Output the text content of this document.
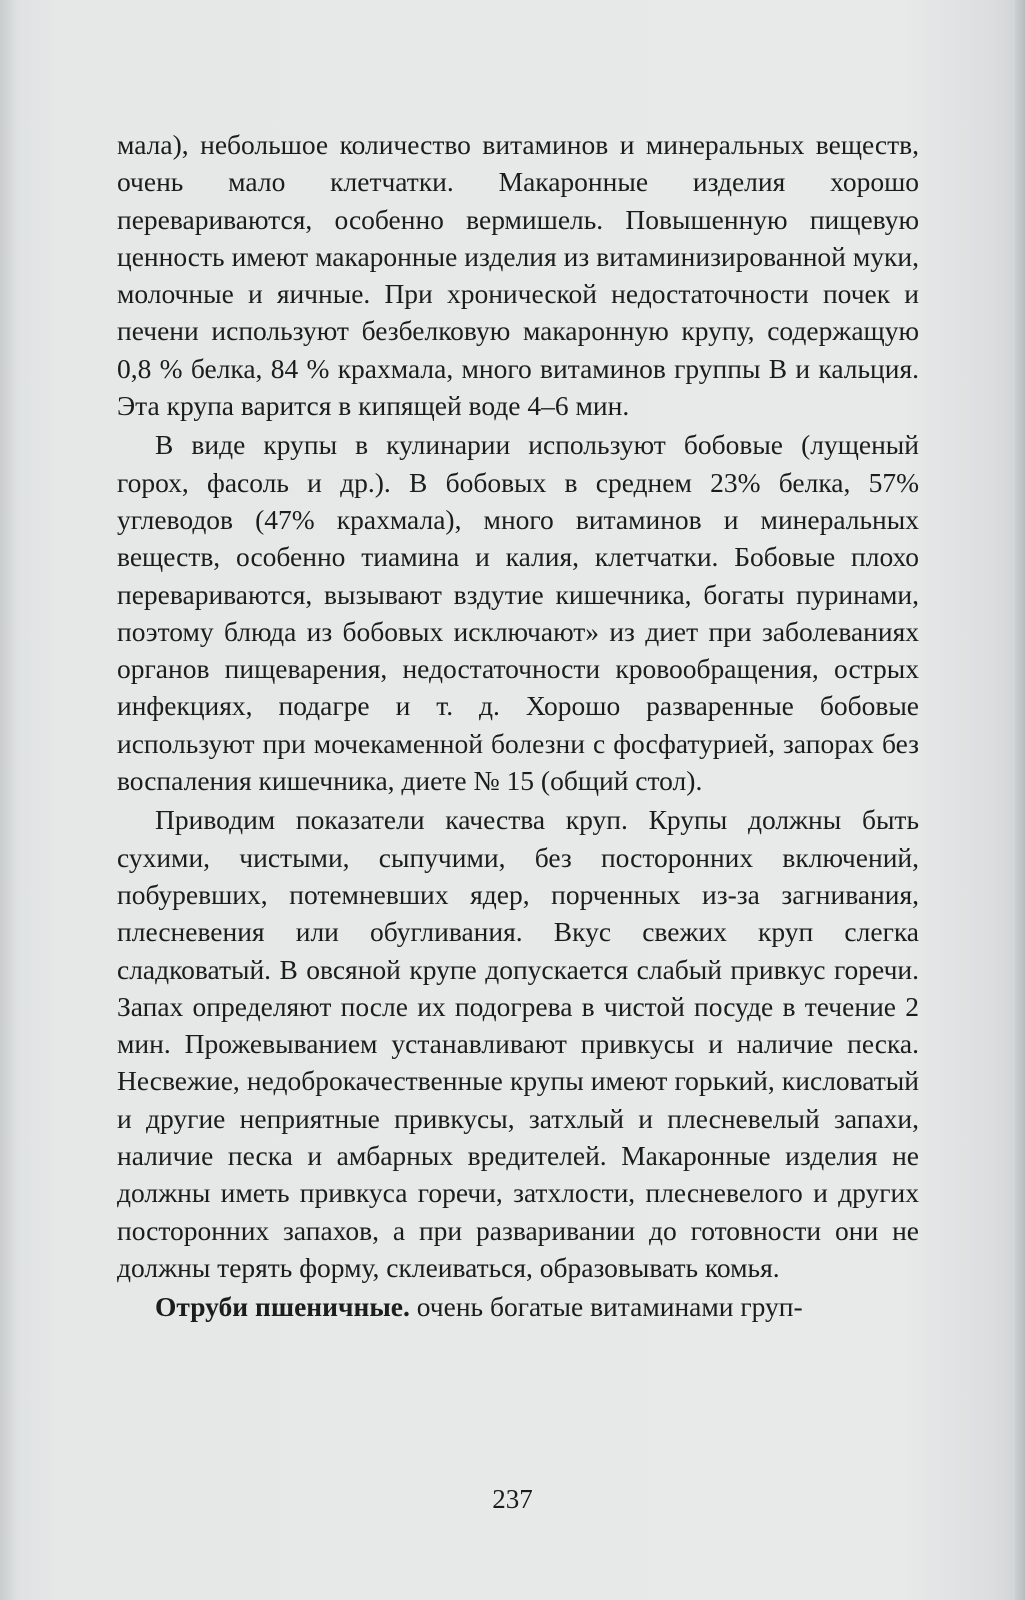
мала), небольшое количество витаминов и минеральных веществ, очень мало клетчатки. Макаронные изделия хорошо перевариваются, особенно вермишель. Повышенную пищевую ценность имеют макаронные изделия из витаминизированной муки, молочные и яичные. При хронической недостаточности почек и печени используют безбелковую макаронную крупу, содержащую 0,8 % белка, 84 % крахмала, много витаминов группы В и кальция. Эта крупа варится в кипящей воде 4–6 мин.

В виде крупы в кулинарии используют бобовые (лущеный горох, фасоль и др.). В бобовых в среднем 23% белка, 57% углеводов (47% крахмала), много витаминов и минеральных веществ, особенно тиамина и калия, клетчатки. Бобовые плохо перевариваются, вызывают вздутие кишечника, богаты пуринами, поэтому блюда из бобовых исключают» из диет при заболеваниях органов пищеварения, недостаточности кровообращения, острых инфекциях, подагре и т. д. Хорошо разваренные бобовые используют при мочекаменной болезни с фосфатурией, запорах без воспаления кишечника, диете № 15 (общий стол).

Приводим показатели качества круп. Крупы должны быть сухими, чистыми, сыпучими, без посторонних включений, побуревших, потемневших ядер, порченных из-за загнивания, плесневения или обугливания. Вкус свежих круп слегка сладковатый. В овсяной крупе допускается слабый привкус горечи. Запах определяют после их подогрева в чистой посуде в течение 2 мин. Прожевыванием устанавливают привкусы и наличие песка. Несвежие, недоброкачественные крупы имеют горький, кисловатый и другие неприятные привкусы, затхлый и плесневелый запахи, наличие песка и амбарных вредителей. Макаронные изделия не должны иметь привкуса горечи, затхлости, плесневелого и других посторонних запахов, а при разваривании до готовности они не должны терять форму, склеиваться, образовывать комья.

Отруби пшеничные. очень богатые витаминами груп-

237
